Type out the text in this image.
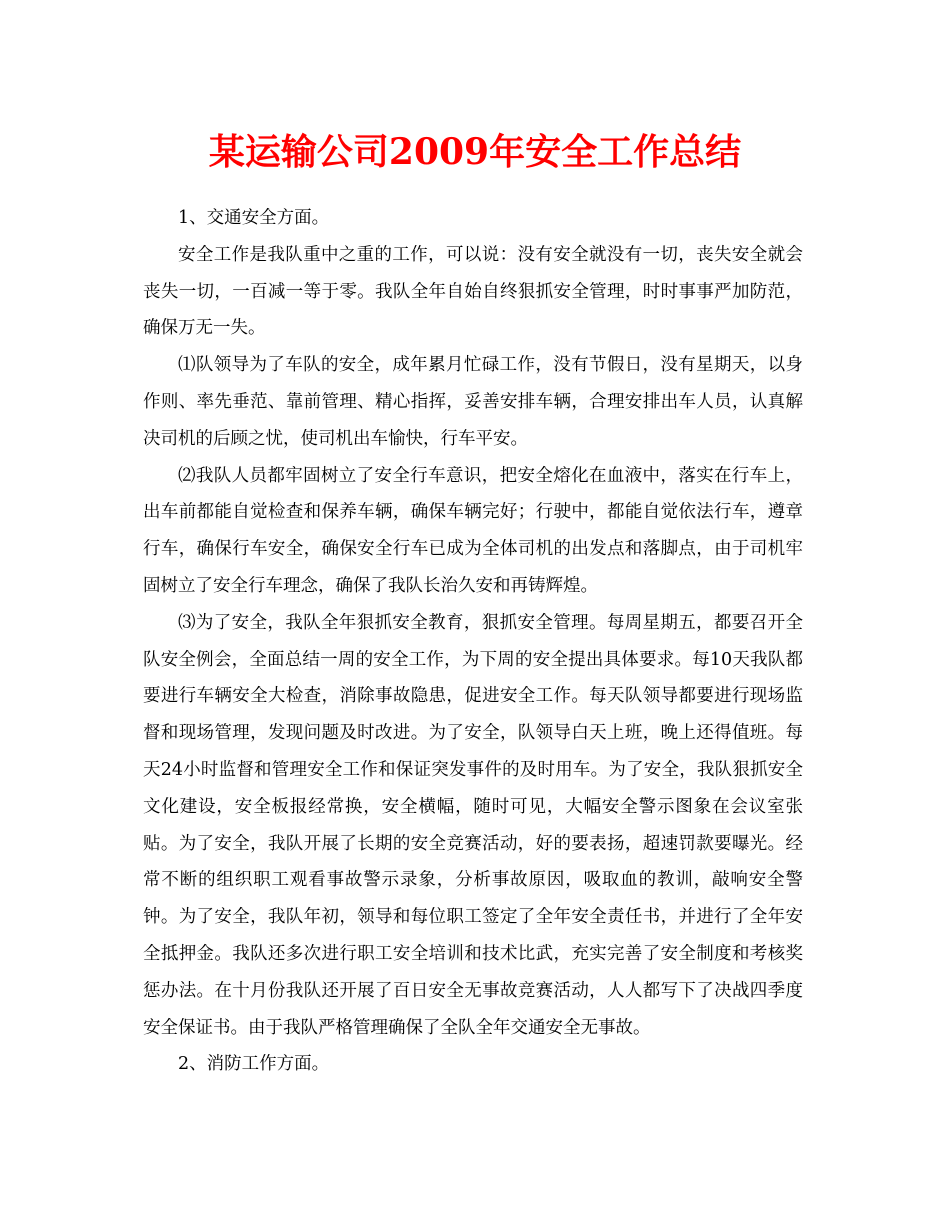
某运输公司2009年安全工作总结

1、交通安全方面。

安全工作是我队重中之重的工作，可以说：没有安全就没有一切，丧失安全就会丧失一切，一百减一等于零。我队全年自始自终狠抓安全管理，时时事事严加防范，确保万无一失。

⑴队领导为了车队的安全，成年累月忙碌工作，没有节假日，没有星期天，以身作则、率先垂范、靠前管理、精心指挥，妥善安排车辆，合理安排出车人员，认真解决司机的后顾之忧，使司机出车愉快，行车平安。

⑵我队人员都牢固树立了安全行车意识，把安全熔化在血液中，落实在行车上，出车前都能自觉检查和保养车辆，确保车辆完好；行驶中，都能自觉依法行车，遵章行车，确保行车安全，确保安全行车已成为全体司机的出发点和落脚点，由于司机牢固树立了安全行车理念，确保了我队长治久安和再铸辉煌。

⑶为了安全，我队全年狠抓安全教育，狠抓安全管理。每周星期五，都要召开全队安全例会，全面总结一周的安全工作，为下周的安全提出具体要求。每10天我队都要进行车辆安全大检查，消除事故隐患，促进安全工作。每天队领导都要进行现场监督和现场管理，发现问题及时改进。为了安全，队领导白天上班，晚上还得值班。每天24小时监督和管理安全工作和保证突发事件的及时用车。为了安全，我队狠抓安全文化建设，安全板报经常换，安全横幅，随时可见，大幅安全警示图象在会议室张贴。为了安全，我队开展了长期的安全竞赛活动，好的要表扬，超速罚款要曝光。经常不断的组织职工观看事故警示录象，分析事故原因，吸取血的教训，敲响安全警钟。为了安全，我队年初，领导和每位职工签定了全年安全责任书，并进行了全年安全抵押金。我队还多次进行职工安全培训和技术比武，充实完善了安全制度和考核奖惩办法。在十月份我队还开展了百日安全无事故竞赛活动，人人都写下了决战四季度安全保证书。由于我队严格管理确保了全队全年交通安全无事故。

2、消防工作方面。
